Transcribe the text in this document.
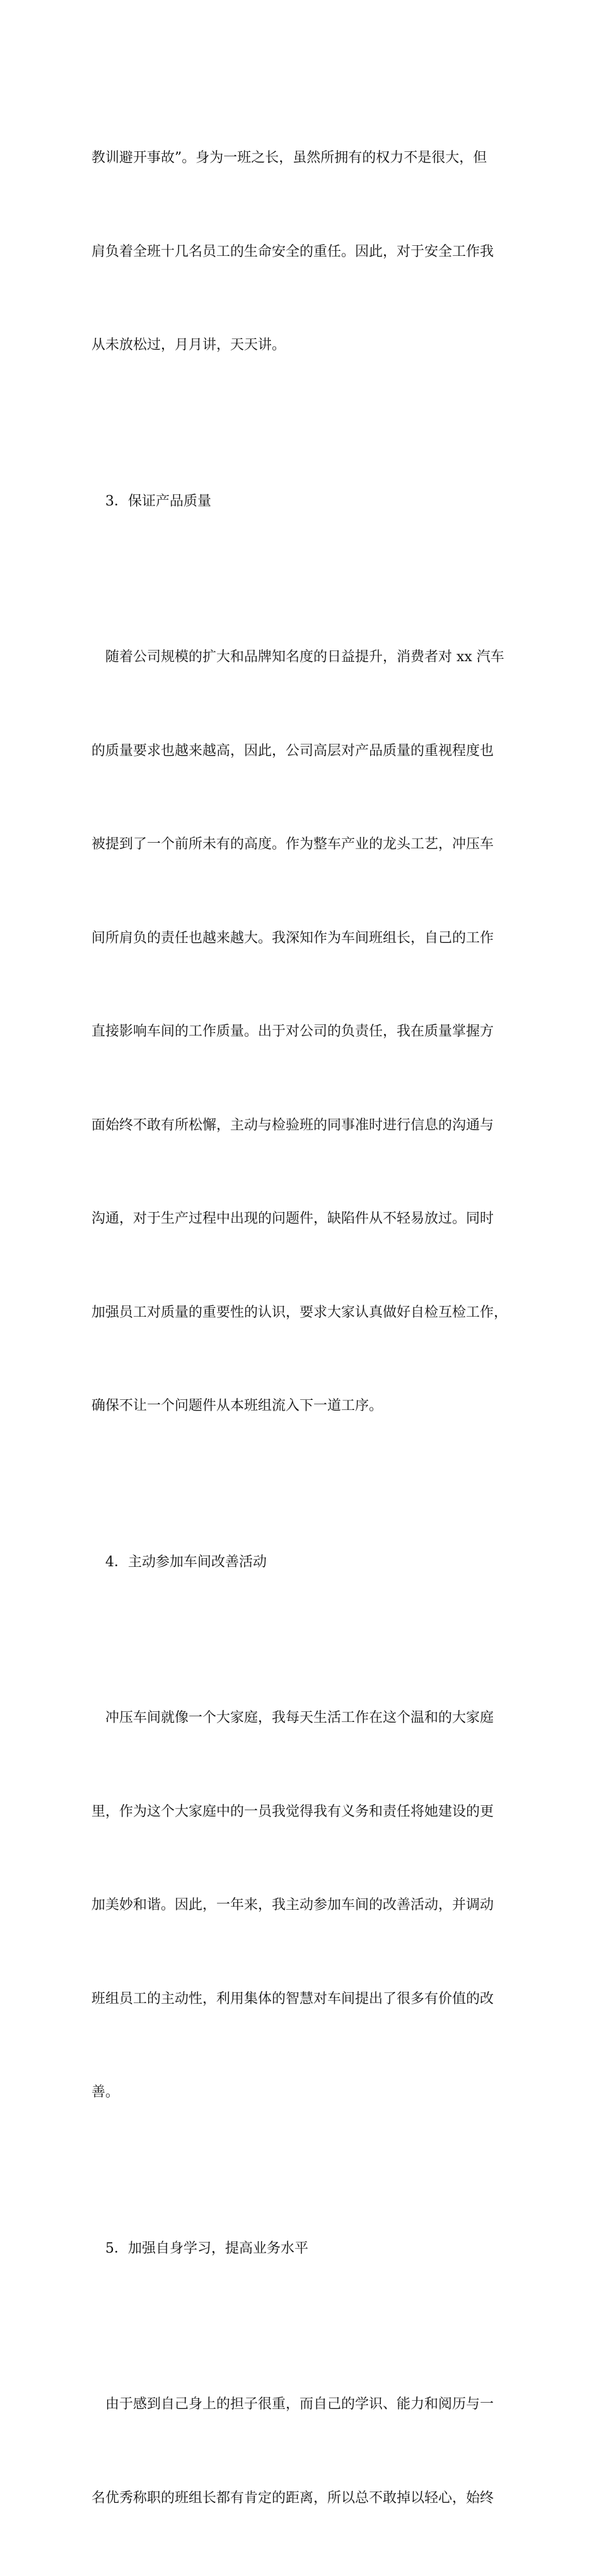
教训避开事故”。身为一班之长，虽然所拥有的权力不是很大，但

肩负着全班十几名员工的生命安全的重任。因此，对于安全工作我

从未放松过，月月讲，天天讲。

3．保证产品质量

随着公司规模的扩大和品牌知名度的日益提升，消费者对 xx 汽车

的质量要求也越来越高，因此，公司高层对产品质量的重视程度也

被提到了一个前所未有的高度。作为整车产业的龙头工艺，冲压车

间所肩负的责任也越来越大。我深知作为车间班组长，自己的工作

直接影响车间的工作质量。出于对公司的负责任，我在质量掌握方

面始终不敢有所松懈，主动与检验班的同事准时进行信息的沟通与

沟通，对于生产过程中出现的问题件，缺陷件从不轻易放过。同时

加强员工对质量的重要性的认识，要求大家认真做好自检互检工作，

确保不让一个问题件从本班组流入下一道工序。

4．主动参加车间改善活动

冲压车间就像一个大家庭，我每天生活工作在这个温和的大家庭

里，作为这个大家庭中的一员我觉得我有义务和责任将她建设的更

加美妙和谐。因此，一年来，我主动参加车间的改善活动，并调动

班组员工的主动性，利用集体的智慧对车间提出了很多有价值的改

善。

5．加强自身学习，提高业务水平

由于感到自己身上的担子很重，而自己的学识、能力和阅历与一

名优秀称职的班组长都有肯定的距离，所以总不敢掉以轻心，始终
